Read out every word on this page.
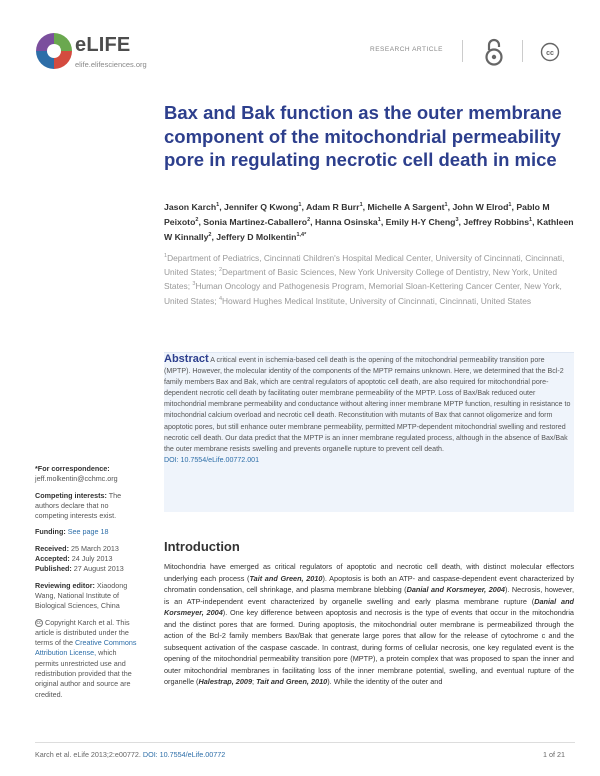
eLIFE
elife.elifesciences.org
RESEARCH ARTICLE
cc
Bax and Bak function as the outer membrane component of the mitochondrial permeability pore in regulating necrotic cell death in mice
Jason Karch$^1$, Jennifer Q Kwong$^1$, Adam R Burr$^1$, Michelle A Sargent$^1$, John W Elrod$^1$, Pablo M Peixoto$^2$, Sonia Martinez-Caballero$^2$, Hanna Osinska$^1$, Emily H-Y Cheng$^3$, Jeffrey Robbins$^1$, Kathleen W Kinnally$^2$, Jeffery D Molkentin$^{1,4*}$
$^1$Department of Pediatrics, Cincinnati Children's Hospital Medical Center, University of Cincinnati, Cincinnati, United States; $^2$Department of Basic Sciences, New York University College of Dentistry, New York, United States; $^3$Human Oncology and Pathogenesis Program, Memorial Sloan-Kettering Cancer Center, New York, United States; $^4$Howard Hughes Medical Institute, University of Cincinnati, Cincinnati, United States
Abstract A critical event in ischemia-based cell death is the opening of the mitochondrial permeability transition pore (MPTP). However, the molecular identity of the components of the MPTP remains unknown. Here, we determined that the Bcl-2 family members Bax and Bak, which are central regulators of apoptotic cell death, are also required for mitochondrial pore-dependent necrotic cell death by facilitating outer membrane permeability of the MPTP. Loss of Bax/Bak reduced outer mitochondrial membrane permeability and conductance without altering inner membrane MPTP function, resulting in resistance to mitochondrial calcium overload and necrotic cell death. Reconstitution with mutants of Bax that cannot oligomerize and form apoptotic pores, but still enhance outer membrane permeability, permitted MPTP-dependent mitochondrial swelling and restored necrotic cell death. Our data predict that the MPTP is an inner membrane regulated process, although in the absence of Bax/Bak the outer membrane resists swelling and prevents organelle rupture to prevent cell death.
DOI: 10.7554/eLife.00772.001

*For correspondence: jeff.molkentin@cchmc.org

Competing interests: The authors declare that no competing interests exist.

Funding: See page 18

Received: 25 March 2013
Accepted: 24 July 2013
Published: 27 August 2013

Reviewing editor: Xiaodong Wang, National Institute of Biological Sciences, China

cc Copyright Karch et al. This article is distributed under the terms of the Creative Commons Attribution License, which permits unrestricted use and redistribution provided that the original author and source are credited.

Introduction
Mitochondria have emerged as critical regulators of apoptotic and necrotic cell death, with distinct molecular effectors underlying each process (Tait and Green, 2010). Apoptosis is both an ATP- and caspase-dependent event characterized by chromatin condensation, cell shrinkage, and plasma membrane blebbing (Danial and Korsmeyer, 2004). Necrosis, however, is an ATP-independent event characterized by organelle swelling and early plasma membrane rupture (Danial and Korsmeyer, 2004). One key difference between apoptosis and necrosis is the type of events that occur in the mitochondria and the distinct pores that are formed. During apoptosis, the mitochondrial outer membrane is permeabilized through the action of the Bcl-2 family members Bax/Bak that generate large pores that allow for the release of cytochrome c and the subsequent activation of the caspase cascade. In contrast, during forms of cellular necrosis, one key regulated event is the opening of the mitochondrial permeability transition pore (MPTP), a protein complex that was proposed to span the inner and outer mitochondrial membranes in facilitating loss of the inner membrane potential, swelling, and eventual rupture of the organelle (Halestrap, 2009; Tait and Green, 2010). While the identity of the outer and
Karch et al. eLife 2013;2:e00772. DOI: 10.7554/eLife.00772	1 of 21
